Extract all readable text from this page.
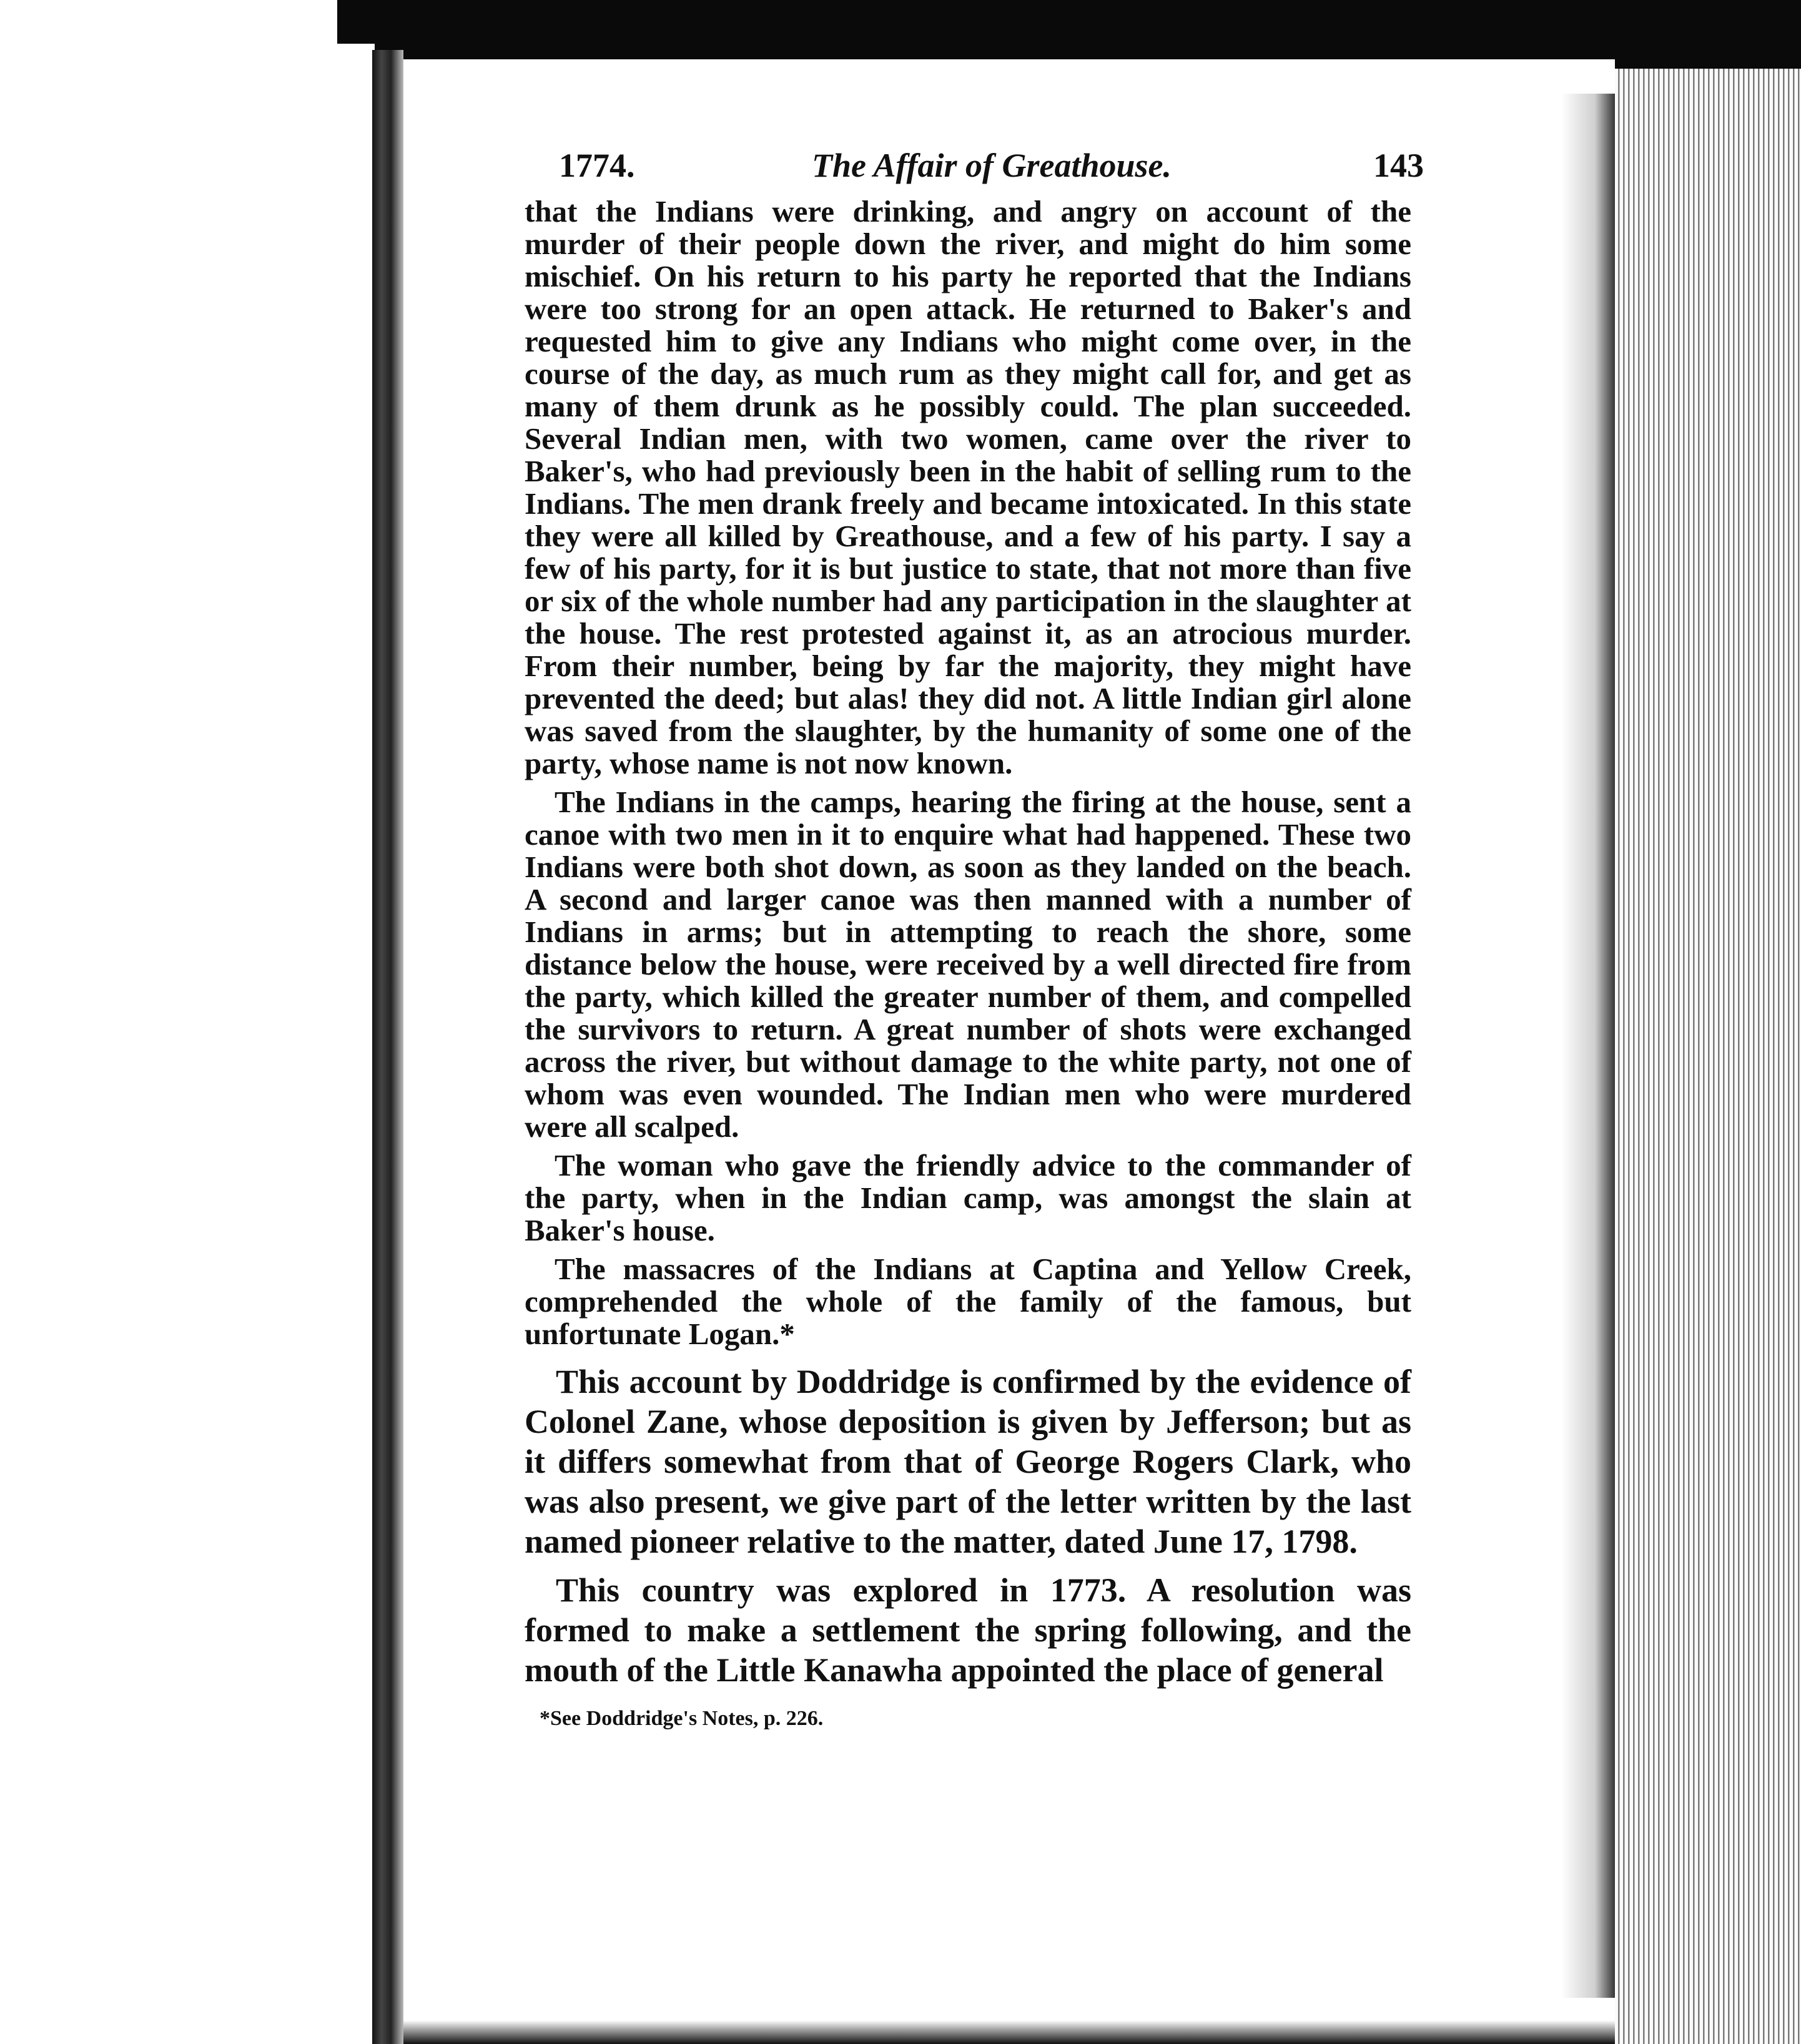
1774.	The Affair of Greathouse.	143

that the Indians were drinking, and angry on account of the murder of their people down the river, and might do him some mischief. On his return to his party he reported that the Indians were too strong for an open attack. He returned to Baker's and requested him to give any Indians who might come over, in the course of the day, as much rum as they might call for, and get as many of them drunk as he possibly could. The plan succeeded. Several Indian men, with two women, came over the river to Baker's, who had previously been in the habit of selling rum to the Indians. The men drank freely and became intoxicated. In this state they were all killed by Greathouse, and a few of his party. I say a few of his party, for it is but justice to state, that not more than five or six of the whole number had any participation in the slaughter at the house. The rest protested against it, as an atrocious murder. From their number, being by far the majority, they might have prevented the deed; but alas! they did not. A little Indian girl alone was saved from the slaughter, by the humanity of some one of the party, whose name is not now known.

The Indians in the camps, hearing the firing at the house, sent a canoe with two men in it to enquire what had happened. These two Indians were both shot down, as soon as they landed on the beach. A second and larger canoe was then manned with a number of Indians in arms; but in attempting to reach the shore, some distance below the house, were received by a well directed fire from the party, which killed the greater number of them, and compelled the survivors to return. A great number of shots were exchanged across the river, but without damage to the white party, not one of whom was even wounded. The Indian men who were murdered were all scalped.

The woman who gave the friendly advice to the commander of the party, when in the Indian camp, was amongst the slain at Baker's house.

The massacres of the Indians at Captina and Yellow Creek, comprehended the whole of the family of the famous, but unfortunate Logan.*

This account by Doddridge is confirmed by the evidence of Colonel Zane, whose deposition is given by Jefferson; but as it differs somewhat from that of George Rogers Clark, who was also present, we give part of the letter written by the last named pioneer relative to the matter, dated June 17, 1798.

This country was explored in 1773. A resolution was formed to make a settlement the spring following, and the mouth of the Little Kanawha appointed the place of general

*See Doddridge's Notes, p. 226.
